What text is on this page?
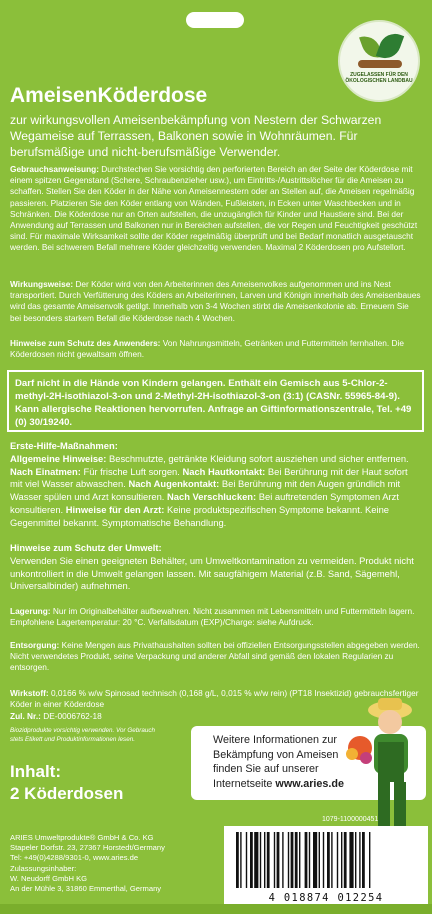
ZUGELASSEN FÜR DEN ÖKOLOGISCHEN LANDBAU
AmeisenKöderdose

zur wirkungsvollen Ameisenbekämpfung von Nestern der Schwarzen Wegameise auf Terrassen, Balkonen sowie in Wohnräumen. Für berufsmäßige und nicht-berufsmäßige Verwender.

Gebrauchsanweisung: Durchstechen Sie vorsichtig den perforierten Bereich an der Seite der Köderdose mit einem spitzen Gegenstand (Schere, Schraubenzieher usw.), um Eintritts-/Austrittslöcher für die Ameisen zu schaffen. Stellen Sie den Köder in der Nähe von Ameisennestern oder an Stellen auf, die Ameisen regelmäßig passieren. Platzieren Sie den Köder entlang von Wänden, Fußleisten, in Ecken unter Waschbecken und in Schränken. Die Köderdose nur an Orten aufstellen, die unzugänglich für Kinder und Haustiere sind. Bei der Anwendung auf Terrassen und Balkonen nur in Bereichen aufstellen, die vor Regen und Feuchtigkeit geschützt sind. Für maximale Wirksamkeit sollte der Köder regelmäßig überprüft und bei Bedarf monatlich ausgetauscht werden. Bei schwerem Befall mehrere Köder gleichzeitig verwenden. Maximal 2 Köderdosen pro Aufstellort.

Wirkungsweise: Der Köder wird von den Arbeiterinnen des Ameisenvolkes aufgenommen und ins Nest transportiert. Durch Verfütterung des Köders an Arbeiterinnen, Larven und Königin innerhalb des Ameisenbaues wird das gesamte Ameisenvolk getilgt. Innerhalb von 3-4 Wochen stirbt die Ameisenkolonie ab. Erneuern Sie bei besonders starkem Befall die Köderdose nach 4 Wochen.

Hinweise zum Schutz des Anwenders: Von Nahrungsmitteln, Getränken und Futtermitteln fernhalten. Die Köderdosen nicht gewaltsam öffnen.

Darf nicht in die Hände von Kindern gelangen. Enthält ein Gemisch aus 5-Chlor-2-methyl-2H-isothiazol-3-on und 2-Methyl-2H-isothiazol-3-on (3:1) (CASNr. 55965-84-9). Kann allergische Reaktionen hervorrufen. Anfrage an Giftinformationszentrale, Tel. +49 (0) 30/19240.

Erste-Hilfe-Maßnahmen:
Allgemeine Hinweise: Beschmutzte, getränkte Kleidung sofort ausziehen und sicher entfernen. Nach Einatmen: Für frische Luft sorgen. Nach Hautkontakt: Bei Berührung mit der Haut sofort mit viel Wasser abwaschen. Nach Augenkontakt: Bei Berührung mit den Augen gründlich mit Wasser spülen und Arzt konsultieren. Nach Verschlucken: Bei auftretenden Symptomen Arzt konsultieren. Hinweise für den Arzt: Keine produktspezifischen Symptome bekannt. Keine Gegenmittel bekannt. Symptomatische Behandlung.

Hinweise zum Schutz der Umwelt:
Verwenden Sie einen geeigneten Behälter, um Umweltkontamination zu vermeiden. Produkt nicht unkontrolliert in die Umwelt gelangen lassen. Mit saugfähigem Material (z.B. Sand, Sägemehl, Universalbinder) aufnehmen.

Lagerung: Nur im Originalbehälter aufbewahren. Nicht zusammen mit Lebensmitteln und Futtermitteln lagern. Empfohlene Lagertemperatur: 20 °C. Verfallsdatum (EXP)/Charge: siehe Aufdruck.

Entsorgung: Keine Mengen aus Privathaushalten sollten bei offiziellen Entsorgungsstellen abgegeben werden. Nicht verwendetes Produkt, seine Verpackung und anderer Abfall sind gemäß den lokalen Regularien zu entsorgen.

Wirkstoff: 0,0166 % w/w Spinosad technisch (0,168 g/L, 0,015 % w/w rein) (PT18 Insektizid) gebrauchsfertiger Köder in einer Köderdose

Zul. Nr.: DE-0006762-18

Biozidprodukte vorsichtig verwenden. Vor Gebrauch stets Etikett und Produktinformationen lesen.	Weitere Informationen zur Bekämpfung von Ameisen finden Sie auf unserer Internetseite www.aries.de

Inhalt:

2 Köderdosen

1079-1100000451
4 018874 012254

ARIES Umweltprodukte® GmbH & Co. KG
Stapeler Dorfstr. 23, 27367 Horstedt/Germany
Tel: +49(0)4288/9301-0, www.aries.de
Zulassungsinhaber:
W. Neudorff GmbH KG
An der Mühle 3, 31860 Emmerthal, Germany
